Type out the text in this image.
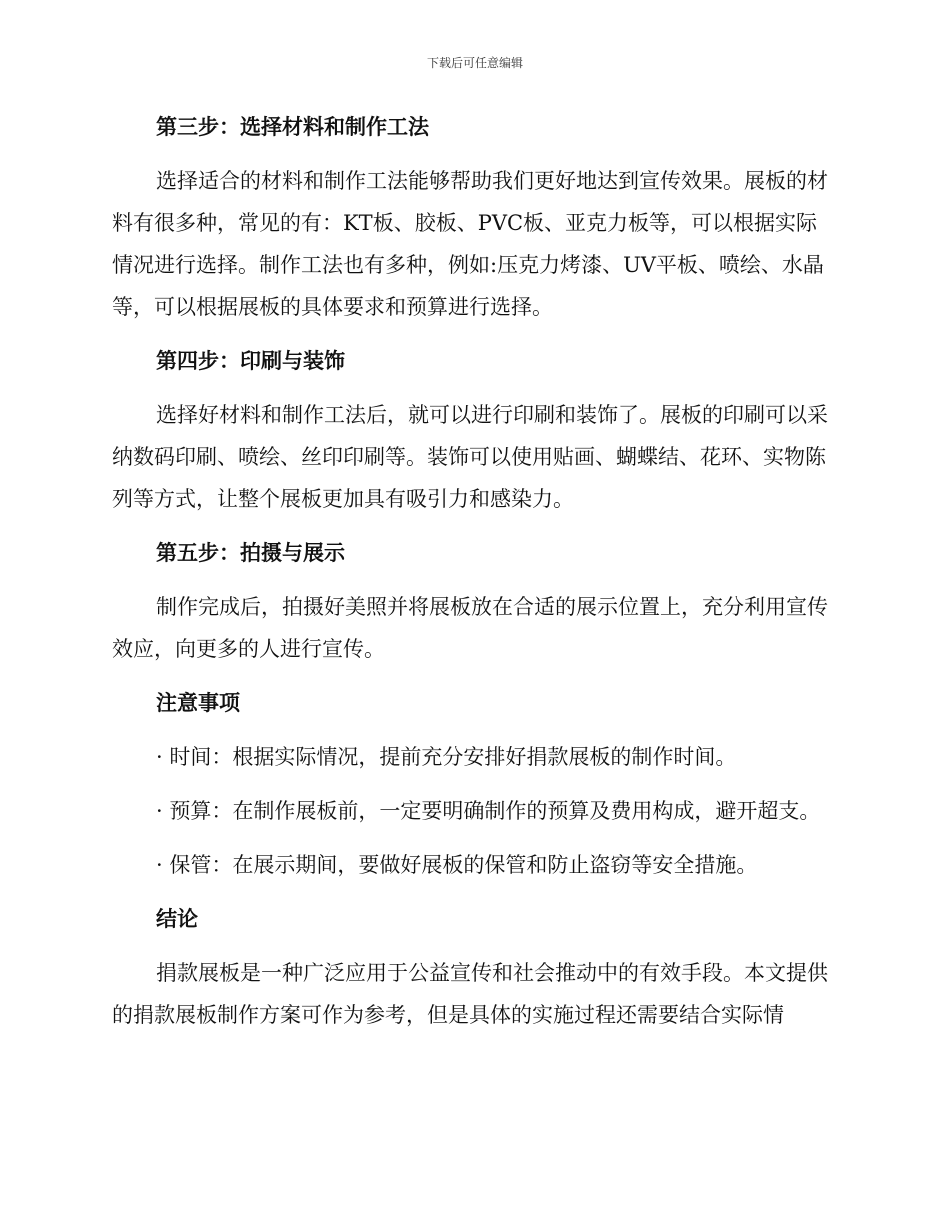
下载后可任意编辑

第三步：选择材料和制作工法

选择适合的材料和制作工法能够帮助我们更好地达到宣传效果。展板的材料有很多种，常见的有：KT板、胶板、PVC板、亚克力板等，可以根据实际情况进行选择。制作工法也有多种，例如:压克力烤漆、UV平板、喷绘、水晶等，可以根据展板的具体要求和预算进行选择。

第四步：印刷与装饰

选择好材料和制作工法后，就可以进行印刷和装饰了。展板的印刷可以采纳数码印刷、喷绘、丝印印刷等。装饰可以使用贴画、蝴蝶结、花环、实物陈列等方式，让整个展板更加具有吸引力和感染力。

第五步：拍摄与展示

制作完成后，拍摄好美照并将展板放在合适的展示位置上，充分利用宣传效应，向更多的人进行宣传。

注意事项

· 时间：根据实际情况，提前充分安排好捐款展板的制作时间。

· 预算：在制作展板前，一定要明确制作的预算及费用构成，避开超支。

· 保管：在展示期间，要做好展板的保管和防止盗窃等安全措施。

结论

捐款展板是一种广泛应用于公益宣传和社会推动中的有效手段。本文提供的捐款展板制作方案可作为参考，但是具体的实施过程还需要结合实际情
